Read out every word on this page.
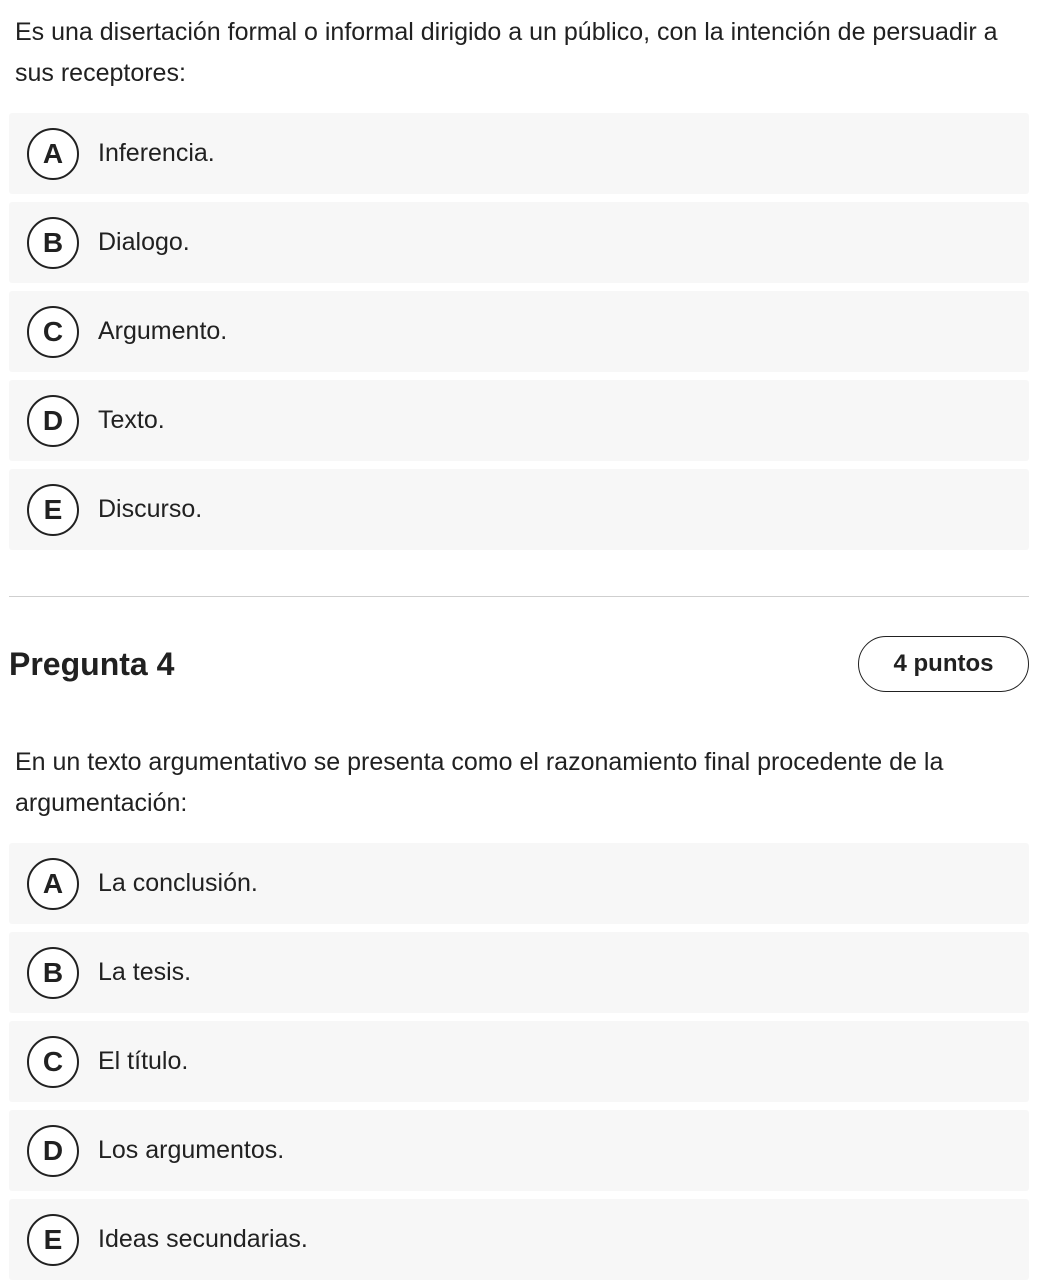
Es una disertación formal o informal dirigido a un público, con la intención de persuadir a sus receptores:

A	Inferencia.
B	Dialogo.
C	Argumento.
D	Texto.
E	Discurso.
Pregunta 4	4 puntos

En un texto argumentativo se presenta como el razonamiento final procedente de la argumentación:

A	La conclusión.
B	La tesis.
C	El título.
D	Los argumentos.
E	Ideas secundarias.
